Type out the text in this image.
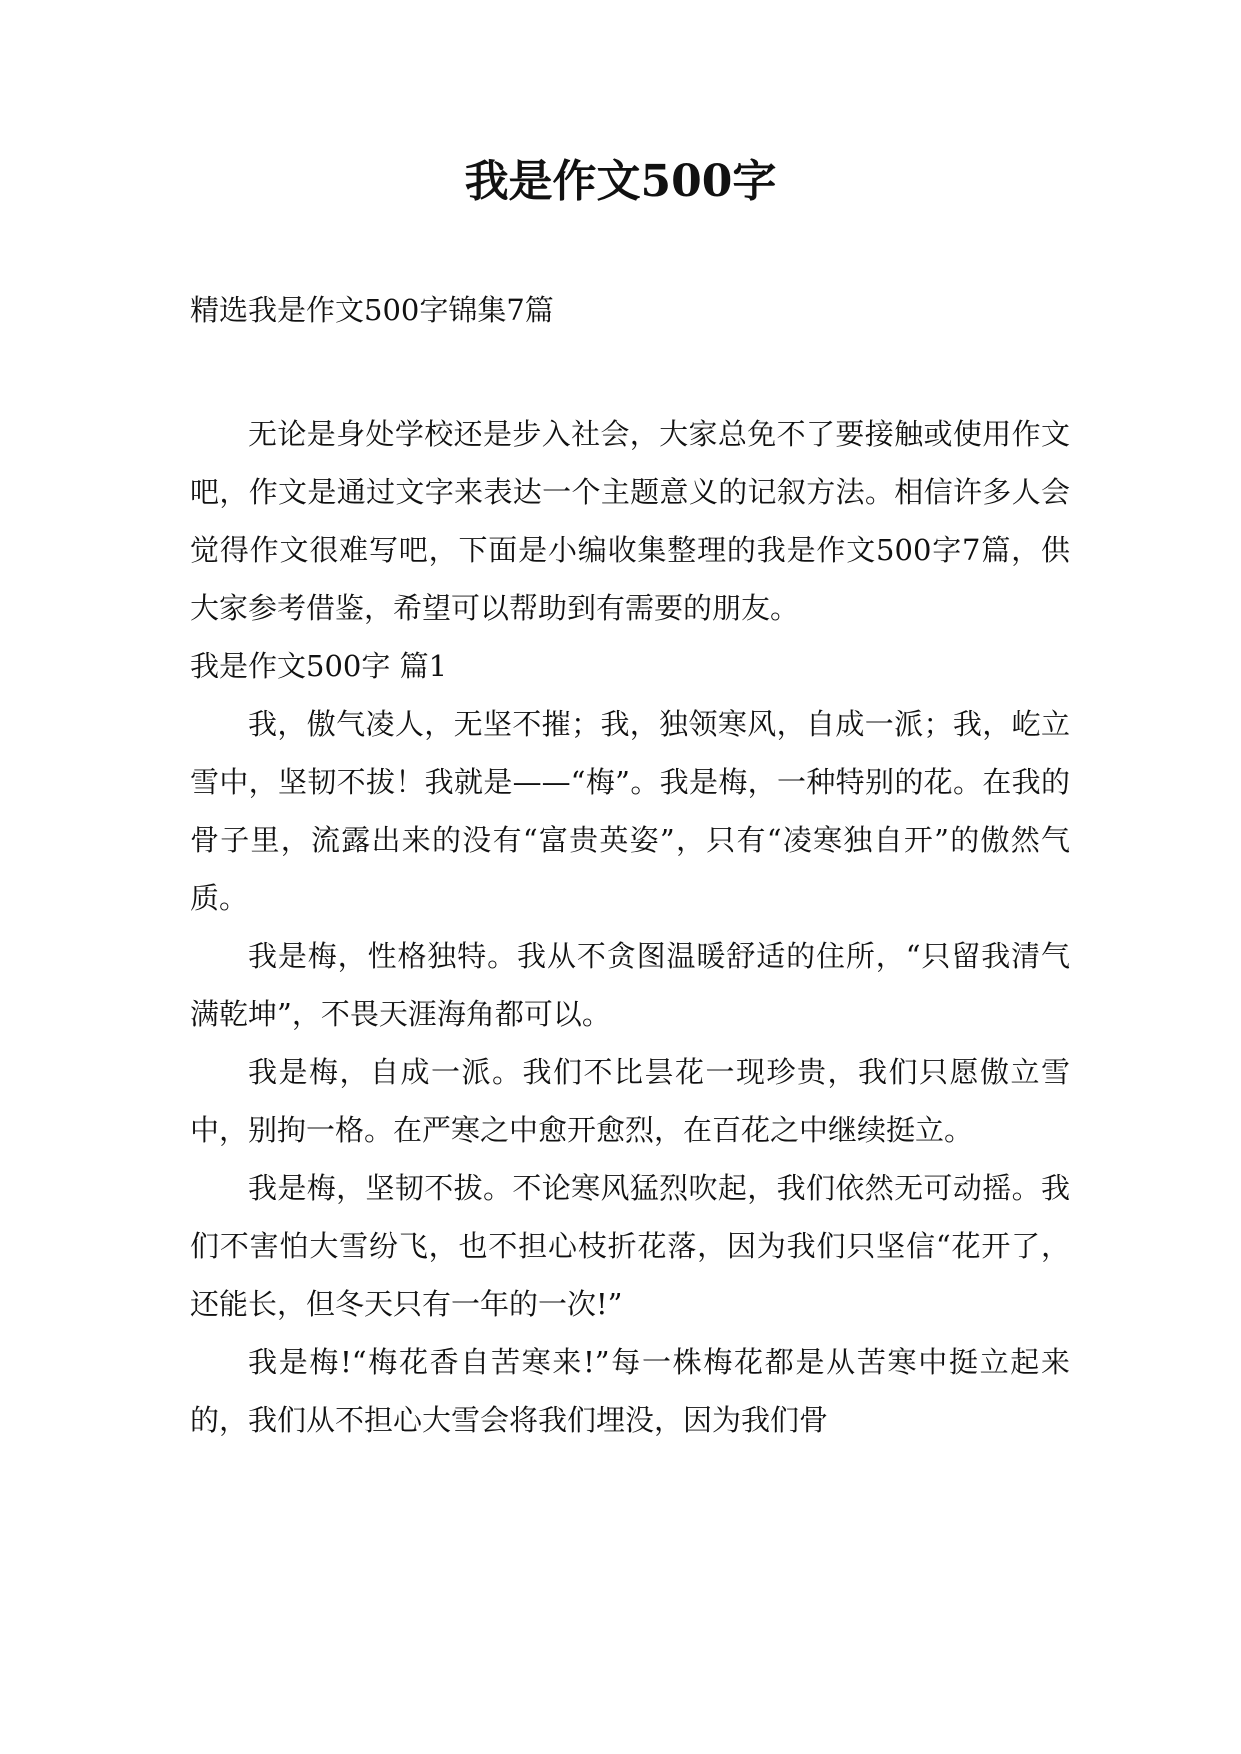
我是作文500字
精选我是作文500字锦集7篇

无论是身处学校还是步入社会，大家总免不了要接触或使用作文吧，作文是通过文字来表达一个主题意义的记叙方法。相信许多人会觉得作文很难写吧，下面是小编收集整理的我是作文500字7篇，供大家参考借鉴，希望可以帮助到有需要的朋友。

我是作文500字 篇1

我，傲气凌人，无坚不摧；我，独领寒风，自成一派；我，屹立雪中，坚韧不拔！我就是——“梅”。我是梅，一种特别的花。在我的骨子里，流露出来的没有“富贵英姿”，只有“凌寒独自开”的傲然气质。

我是梅，性格独特。我从不贪图温暖舒适的住所，“只留我清气满乾坤”，不畏天涯海角都可以。

我是梅，自成一派。我们不比昙花一现珍贵，我们只愿傲立雪中，别拘一格。在严寒之中愈开愈烈，在百花之中继续挺立。

我是梅，坚韧不拔。不论寒风猛烈吹起，我们依然无可动摇。我们不害怕大雪纷飞，也不担心枝折花落，因为我们只坚信“花开了，还能长，但冬天只有一年的一次!”

我是梅!“梅花香自苦寒来!”每一株梅花都是从苦寒中挺立起来的，我们从不担心大雪会将我们埋没，因为我们骨
